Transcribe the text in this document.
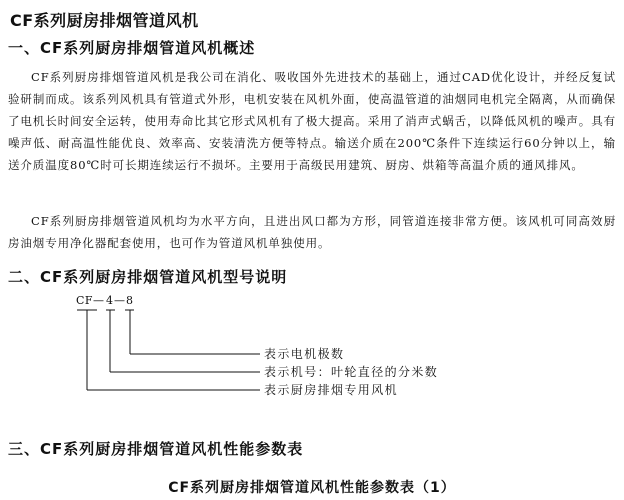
CF系列厨房排烟管道风机
一、CF系列厨房排烟管道风机概述

CF系列厨房排烟管道风机是我公司在消化、吸收国外先进技术的基础上，通过CAD优化设计，并经反复试验研制而成。该系列风机具有管道式外形，电机安装在风机外面，使高温管道的油烟同电机完全隔离，从而确保了电机长时间安全运转，使用寿命比其它形式风机有了极大提高。采用了消声式蜗舌，以降低风机的噪声。具有噪声低、耐高温性能优良、效率高、安装清洗方便等特点。输送介质在200℃条件下连续运行60分钟以上，输送介质温度80℃时可长期连续运行不损坏。主要用于高级民用建筑、厨房、烘箱等高温介质的通风排风。

CF系列厨房排烟管道风机均为水平方向，且进出风口都为方形，同管道连接非常方便。该风机可同高效厨房油烟专用净化器配套使用，也可作为管道风机单独使用。

二、CF系列厨房排烟管道风机型号说明
CF — 4 — 8
表示电机极数
表示机号：叶轮直径的分米数
表示厨房排烟专用风机
三、CF系列厨房排烟管道风机性能参数表
CF系列厨房排烟管道风机性能参数表（1）
